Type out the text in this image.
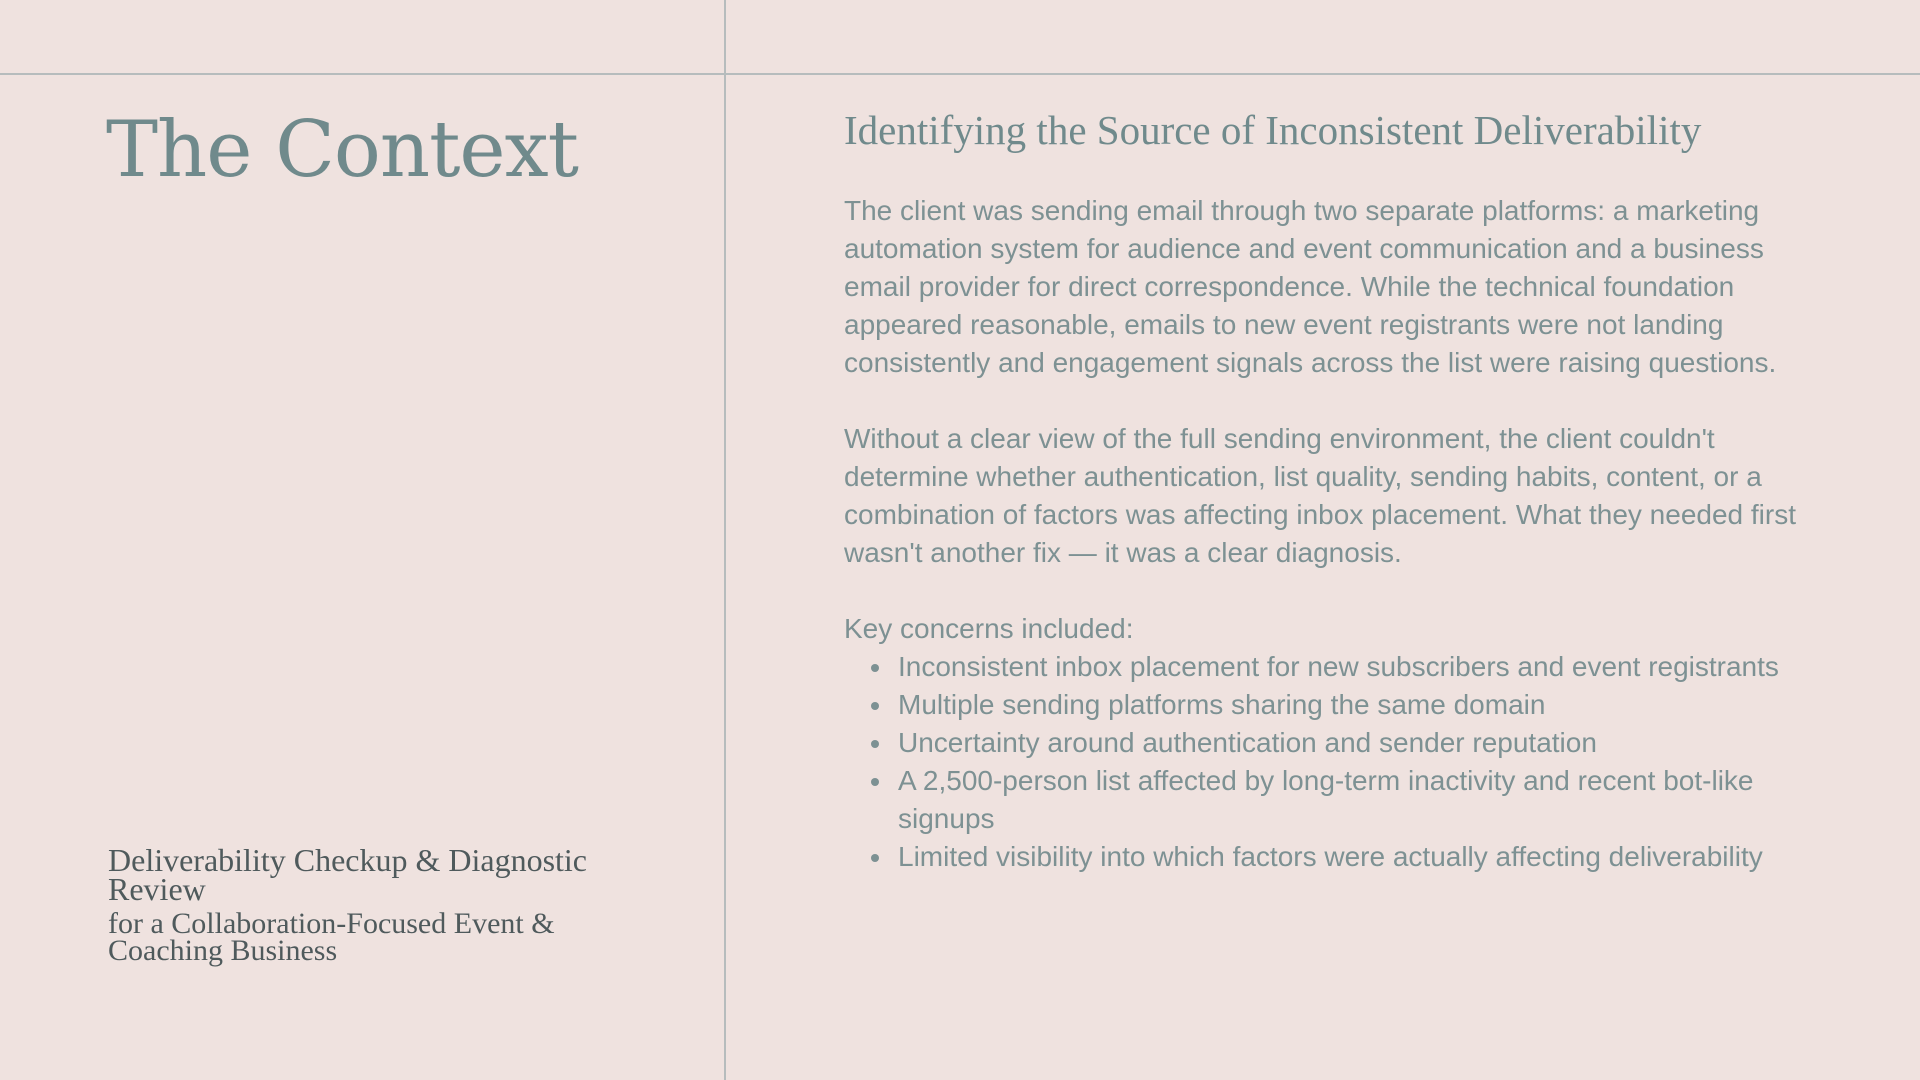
The Context

Deliverability Checkup & Diagnostic Review

for a Collaboration-Focused Event & Coaching Business

Identifying the Source of Inconsistent Deliverability

The client was sending email through two separate platforms: a marketing automation system for audience and event communication and a business email provider for direct correspondence. While the technical foundation appeared reasonable, emails to new event registrants were not landing consistently and engagement signals across the list were raising questions.

Without a clear view of the full sending environment, the client couldn't determine whether authentication, list quality, sending habits, content, or a combination of factors was affecting inbox placement. What they needed first wasn't another fix — it was a clear diagnosis.

Key concerns included:

Inconsistent inbox placement for new subscribers and event registrants
Multiple sending platforms sharing the same domain
Uncertainty around authentication and sender reputation
A 2,500-person list affected by long-term inactivity and recent bot-like signups
Limited visibility into which factors were actually affecting deliverability
